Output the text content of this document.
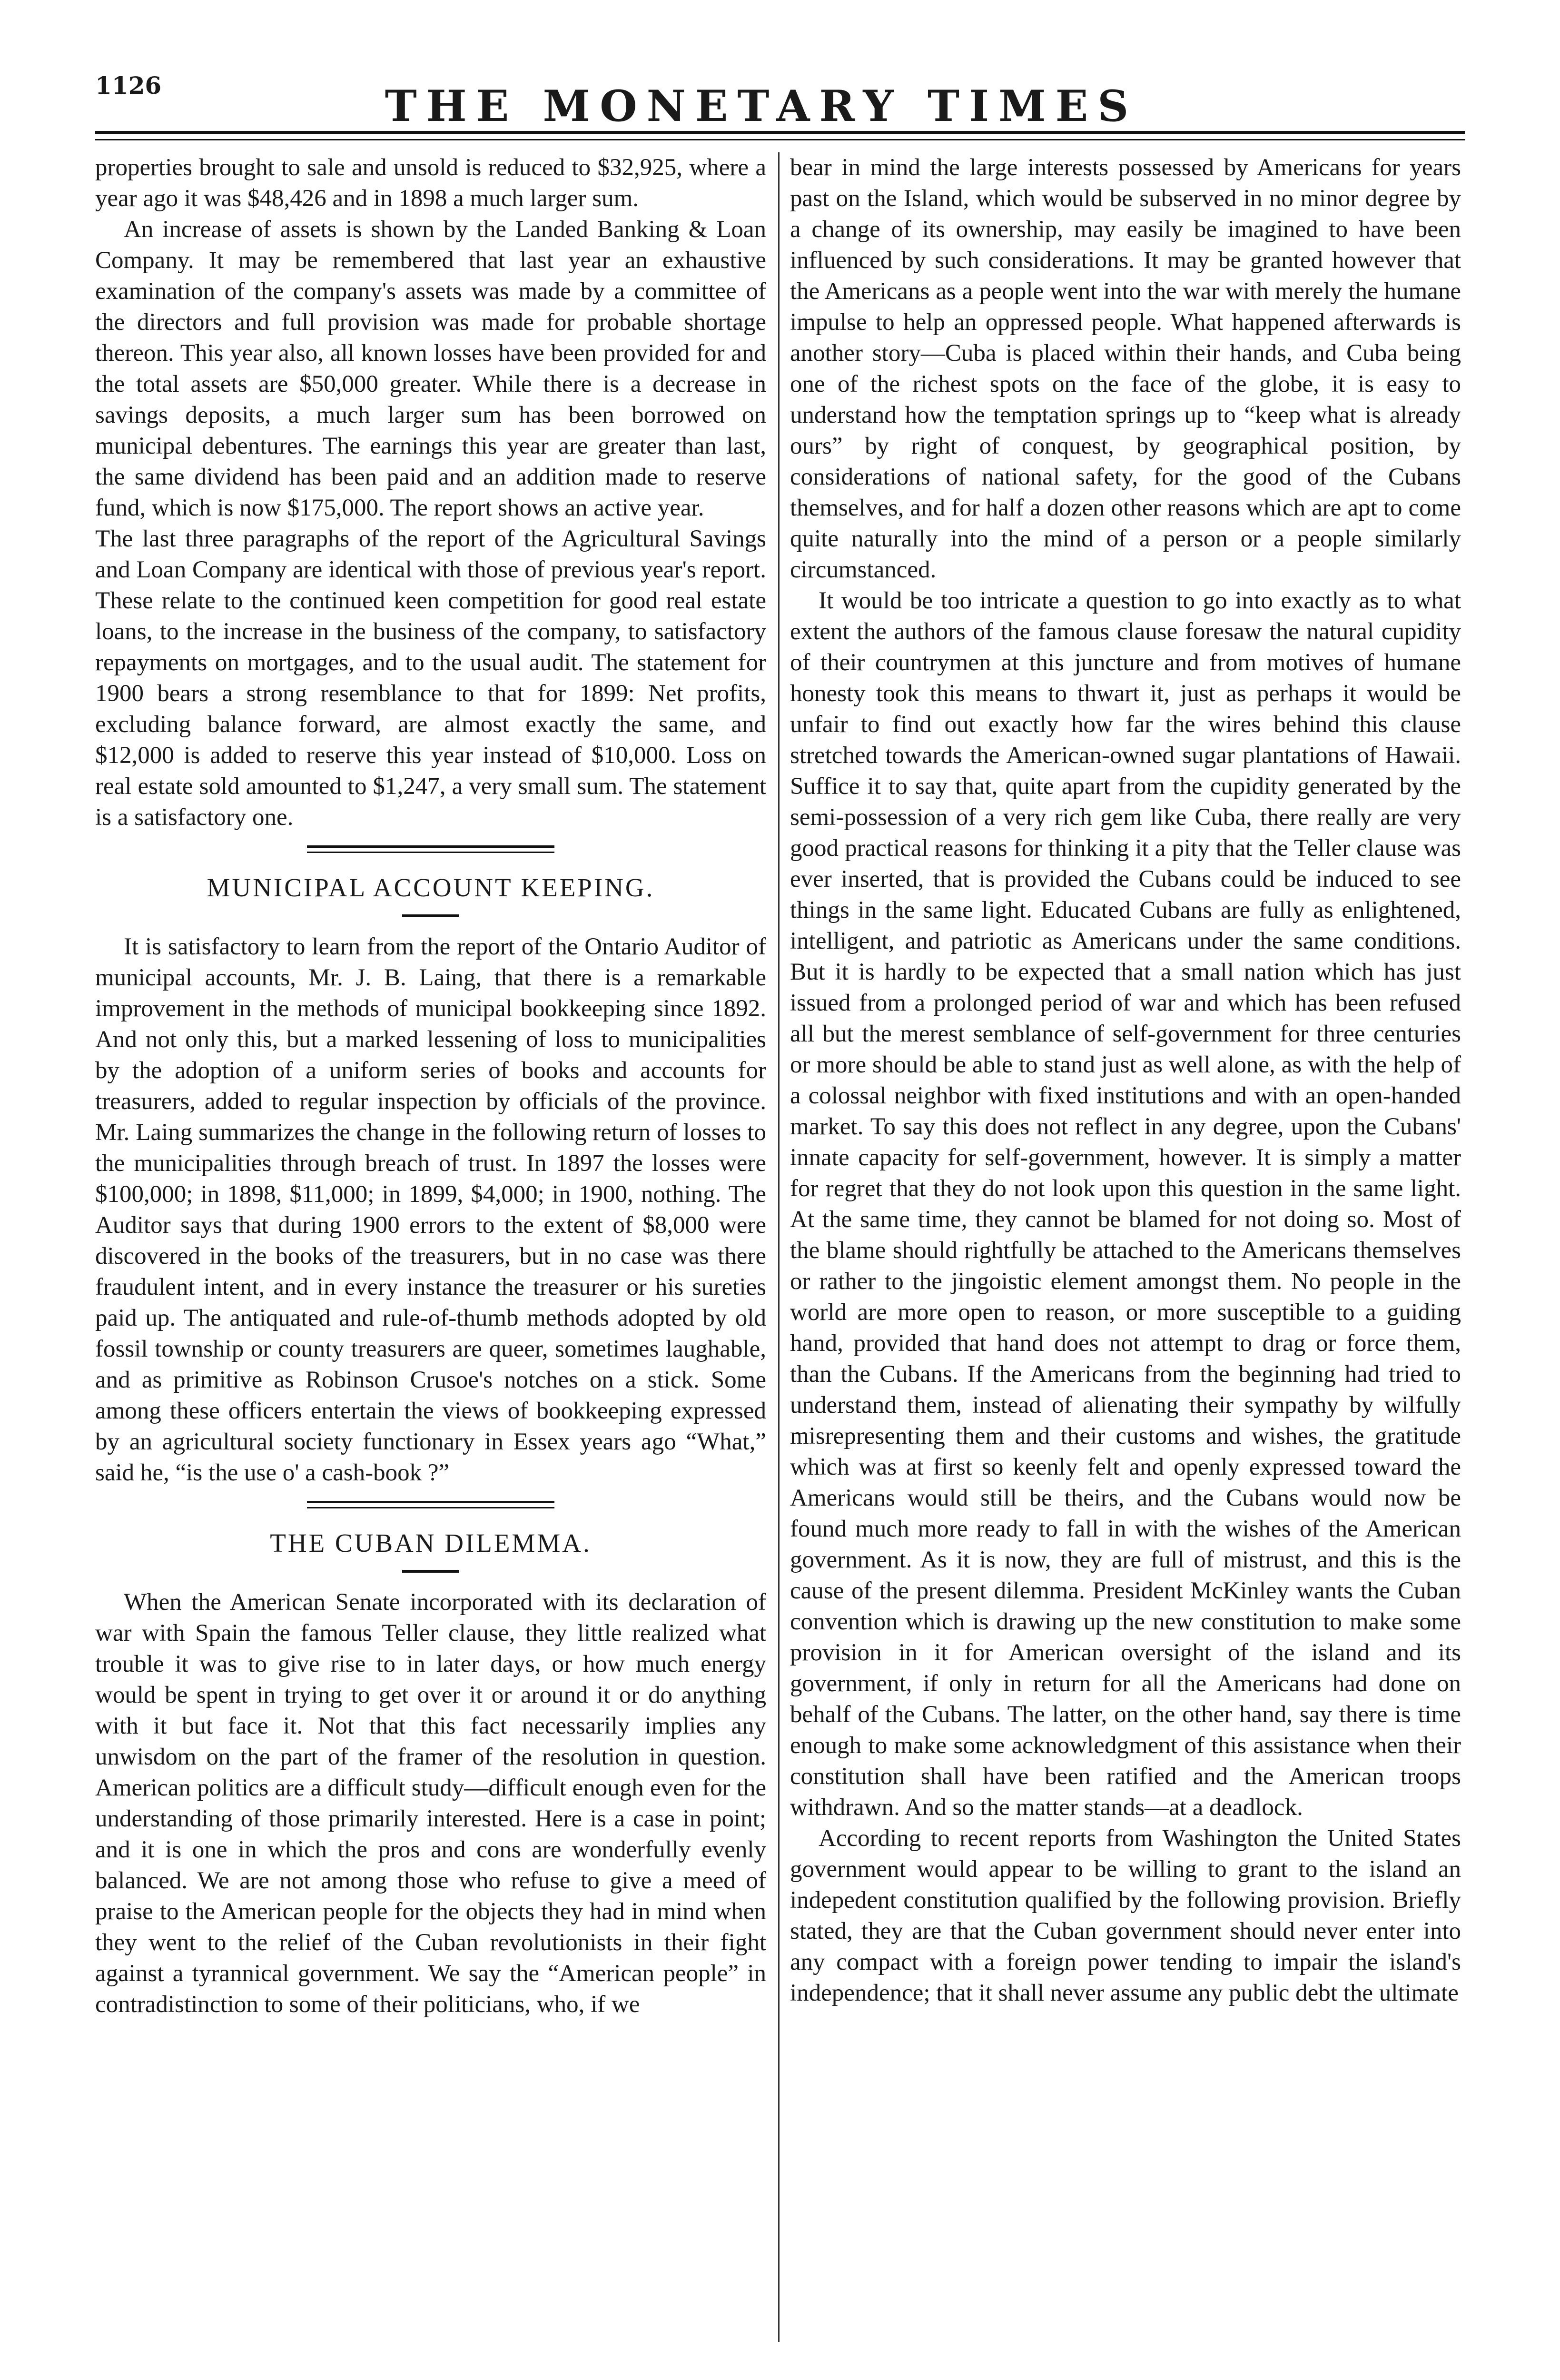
1126	THE MONETARY TIMES

properties brought to sale and unsold is reduced to $32,925, where a year ago it was $48,426 and in 1898 a much larger sum.

An increase of assets is shown by the Landed Banking & Loan Company. It may be remembered that last year an exhaustive examination of the company's assets was made by a committee of the directors and full provision was made for probable shortage thereon. This year also, all known losses have been provided for and the total assets are $50,000 greater. While there is a decrease in savings deposits, a much larger sum has been borrowed on municipal debentures. The earnings this year are greater than last, the same dividend has been paid and an addition made to reserve fund, which is now $175,000. The report shows an active year.

The last three paragraphs of the report of the Agricultural Savings and Loan Company are identical with those of previous year's report. These relate to the continued keen competition for good real estate loans, to the increase in the business of the company, to satisfactory repayments on mortgages, and to the usual audit. The statement for 1900 bears a strong resemblance to that for 1899: Net profits, excluding balance forward, are almost exactly the same, and $12,000 is added to reserve this year instead of $10,000. Loss on real estate sold amounted to $1,247, a very small sum. The statement is a satisfactory one.

MUNICIPAL ACCOUNT KEEPING.

It is satisfactory to learn from the report of the Ontario Auditor of municipal accounts, Mr. J. B. Laing, that there is a remarkable improvement in the methods of municipal bookkeeping since 1892. And not only this, but a marked lessening of loss to municipalities by the adoption of a uniform series of books and accounts for treasurers, added to regular inspection by officials of the province. Mr. Laing summarizes the change in the following return of losses to the municipalities through breach of trust. In 1897 the losses were $100,000; in 1898, $11,000; in 1899, $4,000; in 1900, nothing. The Auditor says that during 1900 errors to the extent of $8,000 were discovered in the books of the treasurers, but in no case was there fraudulent intent, and in every instance the treasurer or his sureties paid up. The antiquated and rule-of-thumb methods adopted by old fossil township or county treasurers are queer, sometimes laughable, and as primitive as Robinson Crusoe's notches on a stick. Some among these officers entertain the views of bookkeeping expressed by an agricultural society functionary in Essex years ago “What,” said he, “is the use o' a cash-book ?”

THE CUBAN DILEMMA.

When the American Senate incorporated with its declaration of war with Spain the famous Teller clause, they little realized what trouble it was to give rise to in later days, or how much energy would be spent in trying to get over it or around it or do anything with it but face it. Not that this fact necessarily implies any unwisdom on the part of the framer of the resolution in question. American politics are a difficult study—difficult enough even for the understanding of those primarily interested. Here is a case in point; and it is one in which the pros and cons are wonderfully evenly balanced. We are not among those who refuse to give a meed of praise to the American people for the objects they had in mind when they went to the relief of the Cuban revolutionists in their fight against a tyrannical government. We say the “American people” in contradistinction to some of their politicians, who, if we

bear in mind the large interests possessed by Americans for years past on the Island, which would be subserved in no minor degree by a change of its ownership, may easily be imagined to have been influenced by such considerations. It may be granted however that the Americans as a people went into the war with merely the humane impulse to help an oppressed people. What happened afterwards is another story—Cuba is placed within their hands, and Cuba being one of the richest spots on the face of the globe, it is easy to understand how the temptation springs up to “keep what is already ours” by right of conquest, by geographical position, by considerations of national safety, for the good of the Cubans themselves, and for half a dozen other reasons which are apt to come quite naturally into the mind of a person or a people similarly circumstanced.

It would be too intricate a question to go into exactly as to what extent the authors of the famous clause foresaw the natural cupidity of their countrymen at this juncture and from motives of humane honesty took this means to thwart it, just as perhaps it would be unfair to find out exactly how far the wires behind this clause stretched towards the American-owned sugar plantations of Hawaii. Suffice it to say that, quite apart from the cupidity generated by the semi-possession of a very rich gem like Cuba, there really are very good practical reasons for thinking it a pity that the Teller clause was ever inserted, that is provided the Cubans could be induced to see things in the same light. Educated Cubans are fully as enlightened, intelligent, and patriotic as Americans under the same conditions. But it is hardly to be expected that a small nation which has just issued from a prolonged period of war and which has been refused all but the merest semblance of self-government for three centuries or more should be able to stand just as well alone, as with the help of a colossal neighbor with fixed institutions and with an open-handed market. To say this does not reflect in any degree, upon the Cubans' innate capacity for self-government, however. It is simply a matter for regret that they do not look upon this question in the same light. At the same time, they cannot be blamed for not doing so. Most of the blame should rightfully be attached to the Americans themselves or rather to the jingoistic element amongst them. No people in the world are more open to reason, or more susceptible to a guiding hand, provided that hand does not attempt to drag or force them, than the Cubans. If the Americans from the beginning had tried to understand them, instead of alienating their sympathy by wilfully misrepresenting them and their customs and wishes, the gratitude which was at first so keenly felt and openly expressed toward the Americans would still be theirs, and the Cubans would now be found much more ready to fall in with the wishes of the American government. As it is now, they are full of mistrust, and this is the cause of the present dilemma. President McKinley wants the Cuban convention which is drawing up the new constitution to make some provision in it for American oversight of the island and its government, if only in return for all the Americans had done on behalf of the Cubans. The latter, on the other hand, say there is time enough to make some acknowledgment of this assistance when their constitution shall have been ratified and the American troops withdrawn. And so the matter stands—at a deadlock.

According to recent reports from Washington the United States government would appear to be willing to grant to the island an indepedent constitution qualified by the following provision. Briefly stated, they are that the Cuban government should never enter into any compact with a foreign power tending to impair the island's independence; that it shall never assume any public debt the ultimate
